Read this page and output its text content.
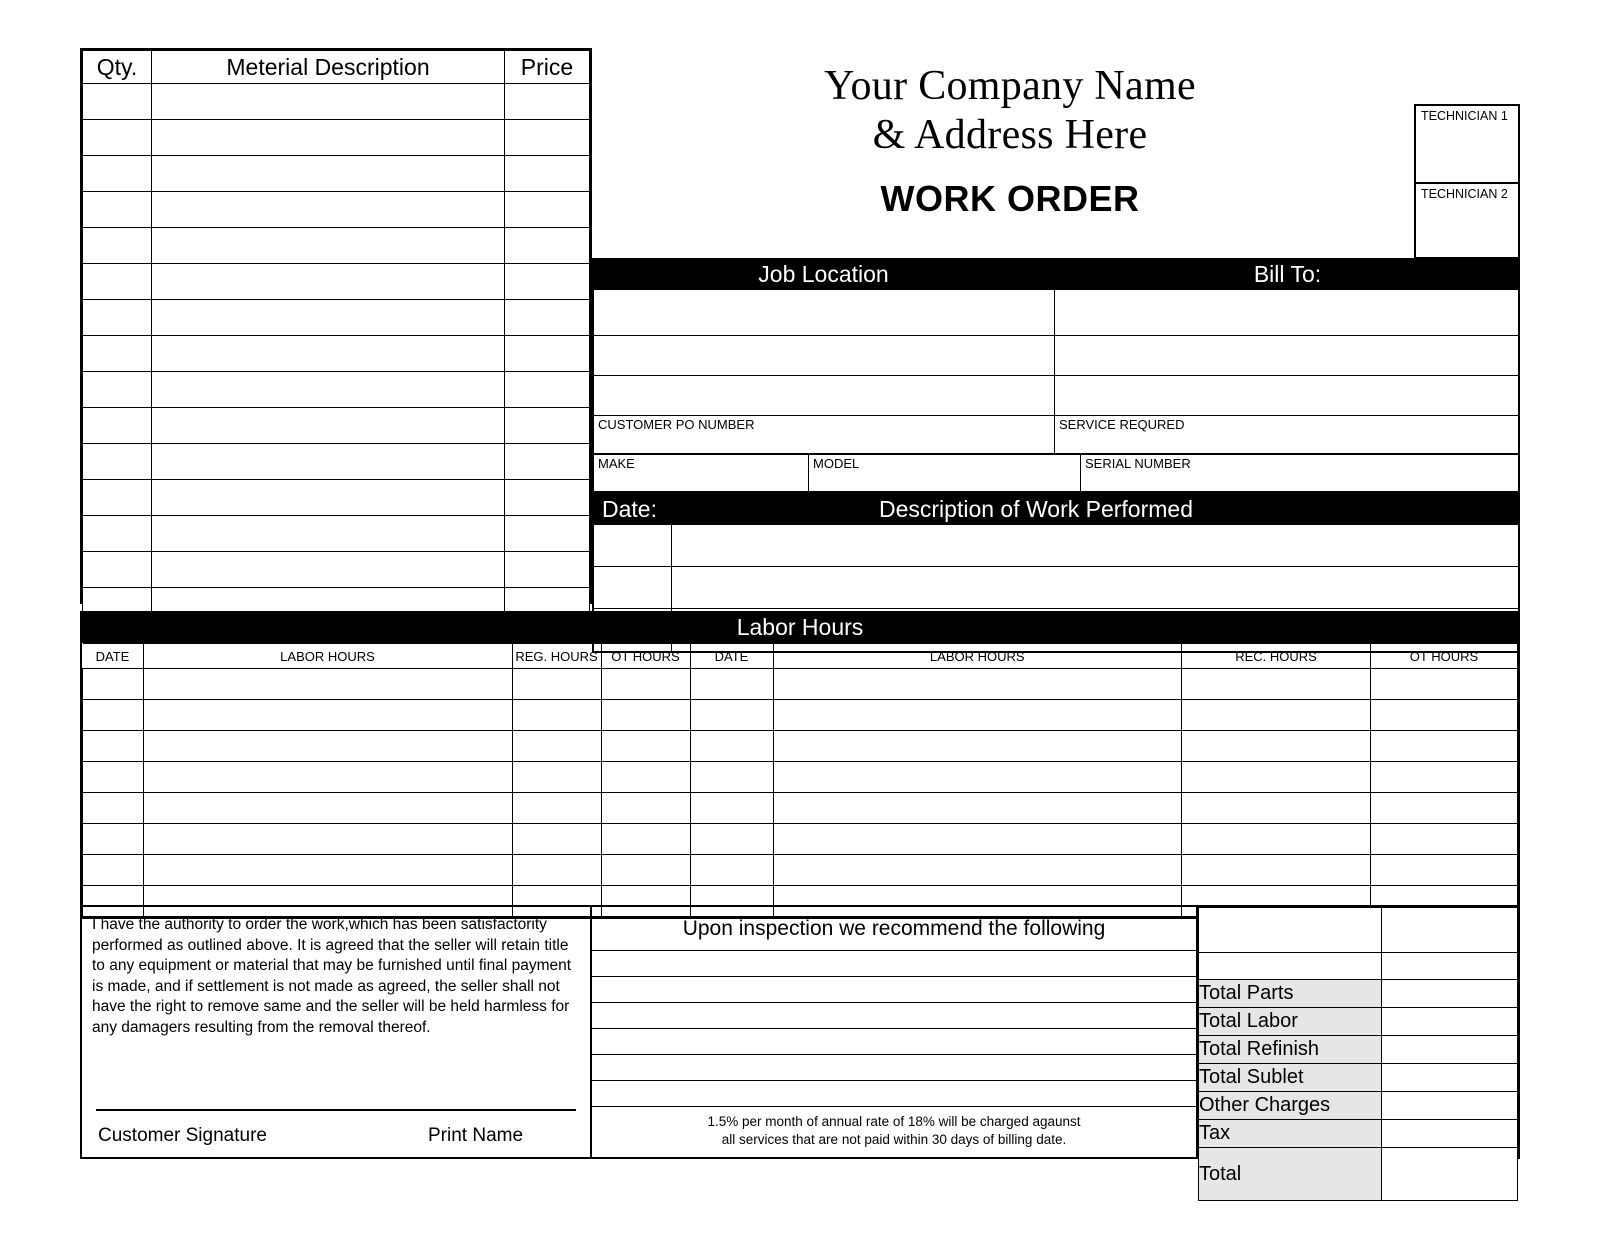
Qty.	Meterial Description	Price

			Your Company Name
& Address Here
WORK ORDER
TECHNICIAN 1
TECHNICIAN 2
Job Location	Bill To:
CUSTOMER PO NUMBER	SERVICE REQURED
MAKE	MODEL	SERIAL NUMBER
Date:	Description of Work Performed
Labor Hours
DATE	LABOR HOURS	REG. HOURS	OT HOURS	DATE	LABOR HOURS	REC. HOURS	OT HOURS

I have the authority to order the work,which has been satisfactority performed as outlined above. It is agreed that the seller will retain title to any equipment or material that may be furnished until final payment is made, and if settlement is not made as agreed, the seller shall not have the right to remove same and the seller will be held harmless for any damagers resulting from the removal thereof.
Customer Signature	Print Name
Upon inspection we recommend the following
1.5% per month of annual rate of 18% will be charged agaunst
all services that are not paid within 30 days of billing date.

Total Parts	
Total Labor	
Total Refinish	
Total Sublet	
Other Charges	
Tax	
Total	
